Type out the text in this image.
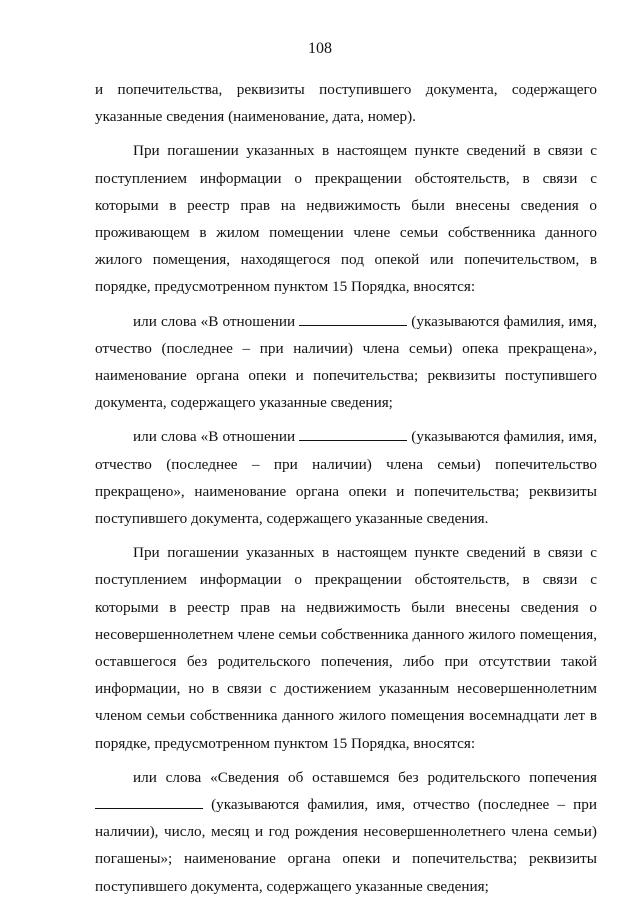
108

и попечительства, реквизиты поступившего документа, содержащего указанные сведения (наименование, дата, номер).

При погашении указанных в настоящем пункте сведений в связи с поступлением информации о прекращении обстоятельств, в связи с которыми в реестр прав на недвижимость были внесены сведения о проживающем в жилом помещении члене семьи собственника данного жилого помещения, находящегося под опекой или попечительством, в порядке, предусмотренном пунктом 15 Порядка, вносятся:

или слова «В отношении	(указываются фамилия, имя, отчество (последнее – при наличии) члена семьи) опека прекращена», наименование органа опеки и попечительства; реквизиты поступившего документа, содержащего указанные сведения;

или слова «В отношении	(указываются фамилия, имя, отчество (последнее – при наличии) члена семьи) попечительство прекращено», наименование органа опеки и попечительства; реквизиты поступившего документа, содержащего указанные сведения.

При погашении указанных в настоящем пункте сведений в связи с поступлением информации о прекращении обстоятельств, в связи с которыми в реестр прав на недвижимость были внесены сведения о несовершеннолетнем члене семьи собственника данного жилого помещения, оставшегося без родительского попечения, либо при отсутствии такой информации, но в связи с достижением указанным несовершеннолетним членом семьи собственника данного жилого помещения восемнадцати лет в порядке, предусмотренном пунктом 15 Порядка, вносятся:

или слова «Сведения об оставшемся без родительского попечения  (указываются фамилия, имя, отчество (последнее – при наличии), число, месяц и год рождения несовершеннолетнего члена семьи) погашены»; наименование органа опеки и попечительства; реквизиты поступившего документа, содержащего указанные сведения;
